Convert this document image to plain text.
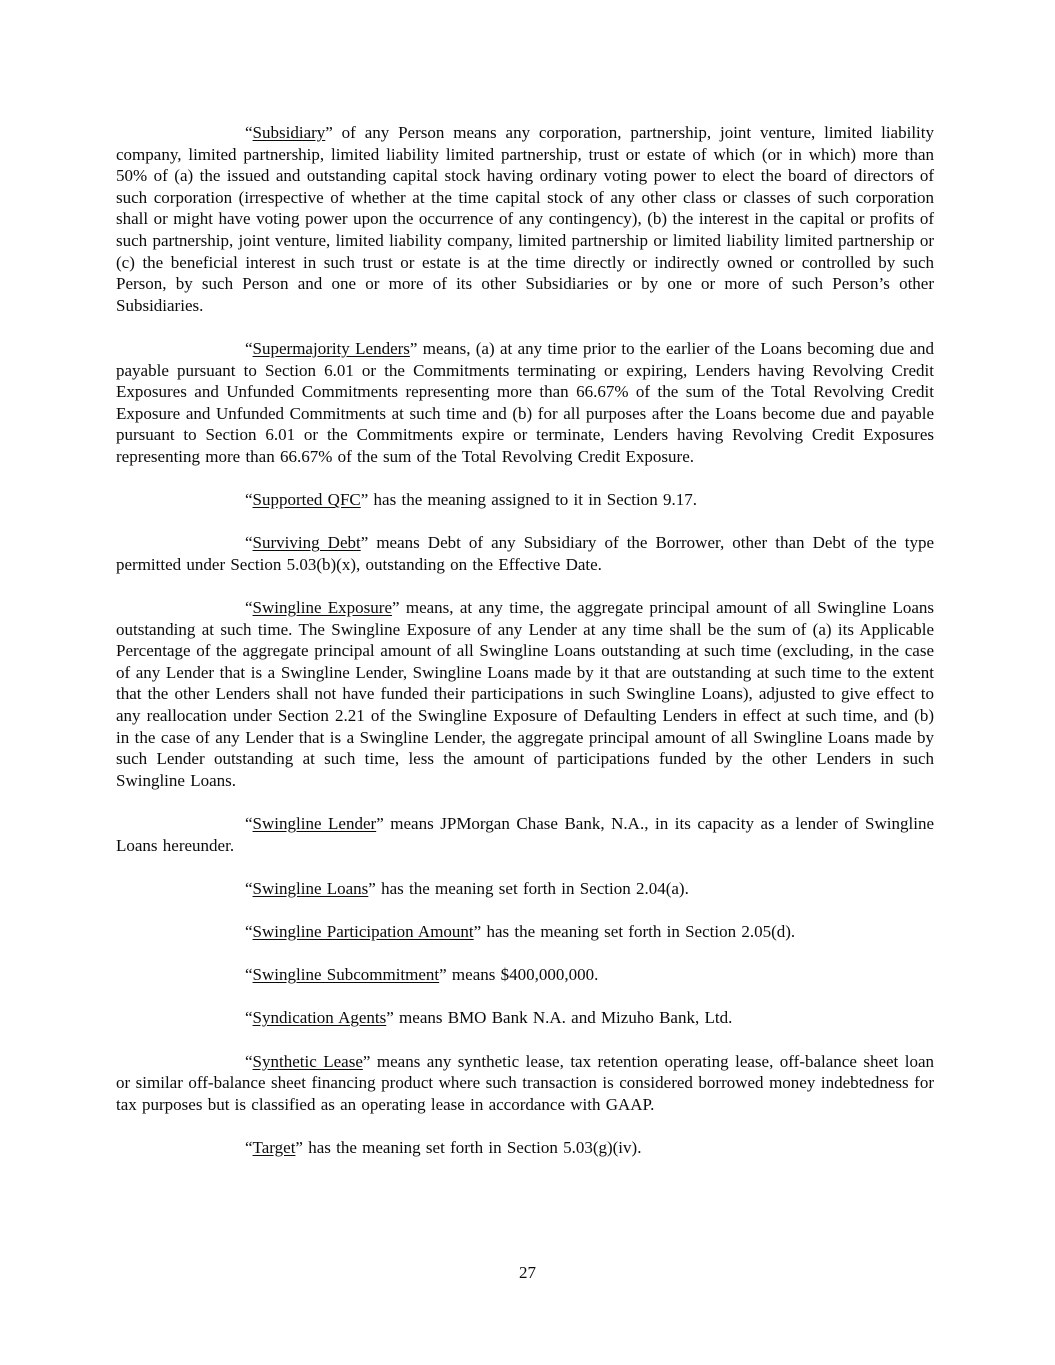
“Subsidiary” of any Person means any corporation, partnership, joint venture, limited liability company, limited partnership, limited liability limited partnership, trust or estate of which (or in which) more than 50% of (a) the issued and outstanding capital stock having ordinary voting power to elect the board of directors of such corporation (irrespective of whether at the time capital stock of any other class or classes of such corporation shall or might have voting power upon the occurrence of any contingency), (b) the interest in the capital or profits of such partnership, joint venture, limited liability company, limited partnership or limited liability limited partnership or (c) the beneficial interest in such trust or estate is at the time directly or indirectly owned or controlled by such Person, by such Person and one or more of its other Subsidiaries or by one or more of such Person’s other Subsidiaries.

“Supermajority Lenders” means, (a) at any time prior to the earlier of the Loans becoming due and payable pursuant to Section 6.01 or the Commitments terminating or expiring, Lenders having Revolving Credit Exposures and Unfunded Commitments representing more than 66.67% of the sum of the Total Revolving Credit Exposure and Unfunded Commitments at such time and (b) for all purposes after the Loans become due and payable pursuant to Section 6.01 or the Commitments expire or terminate, Lenders having Revolving Credit Exposures representing more than 66.67% of the sum of the Total Revolving Credit Exposure.

“Supported QFC” has the meaning assigned to it in Section 9.17.

“Surviving Debt” means Debt of any Subsidiary of the Borrower, other than Debt of the type permitted under Section 5.03(b)(x), outstanding on the Effective Date.

“Swingline Exposure” means, at any time, the aggregate principal amount of all Swingline Loans outstanding at such time. The Swingline Exposure of any Lender at any time shall be the sum of (a) its Applicable Percentage of the aggregate principal amount of all Swingline Loans outstanding at such time (excluding, in the case of any Lender that is a Swingline Lender, Swingline Loans made by it that are outstanding at such time to the extent that the other Lenders shall not have funded their participations in such Swingline Loans), adjusted to give effect to any reallocation under Section 2.21 of the Swingline Exposure of Defaulting Lenders in effect at such time, and (b) in the case of any Lender that is a Swingline Lender, the aggregate principal amount of all Swingline Loans made by such Lender outstanding at such time, less the amount of participations funded by the other Lenders in such Swingline Loans.

“Swingline Lender” means JPMorgan Chase Bank, N.A., in its capacity as a lender of Swingline Loans hereunder.

“Swingline Loans” has the meaning set forth in Section 2.04(a).

“Swingline Participation Amount” has the meaning set forth in Section 2.05(d).

“Swingline Subcommitment” means $400,000,000.

“Syndication Agents” means BMO Bank N.A. and Mizuho Bank, Ltd.

“Synthetic Lease” means any synthetic lease, tax retention operating lease, off-balance sheet loan or similar off-balance sheet financing product where such transaction is considered borrowed money indebtedness for tax purposes but is classified as an operating lease in accordance with GAAP.

“Target” has the meaning set forth in Section 5.03(g)(iv).

27
